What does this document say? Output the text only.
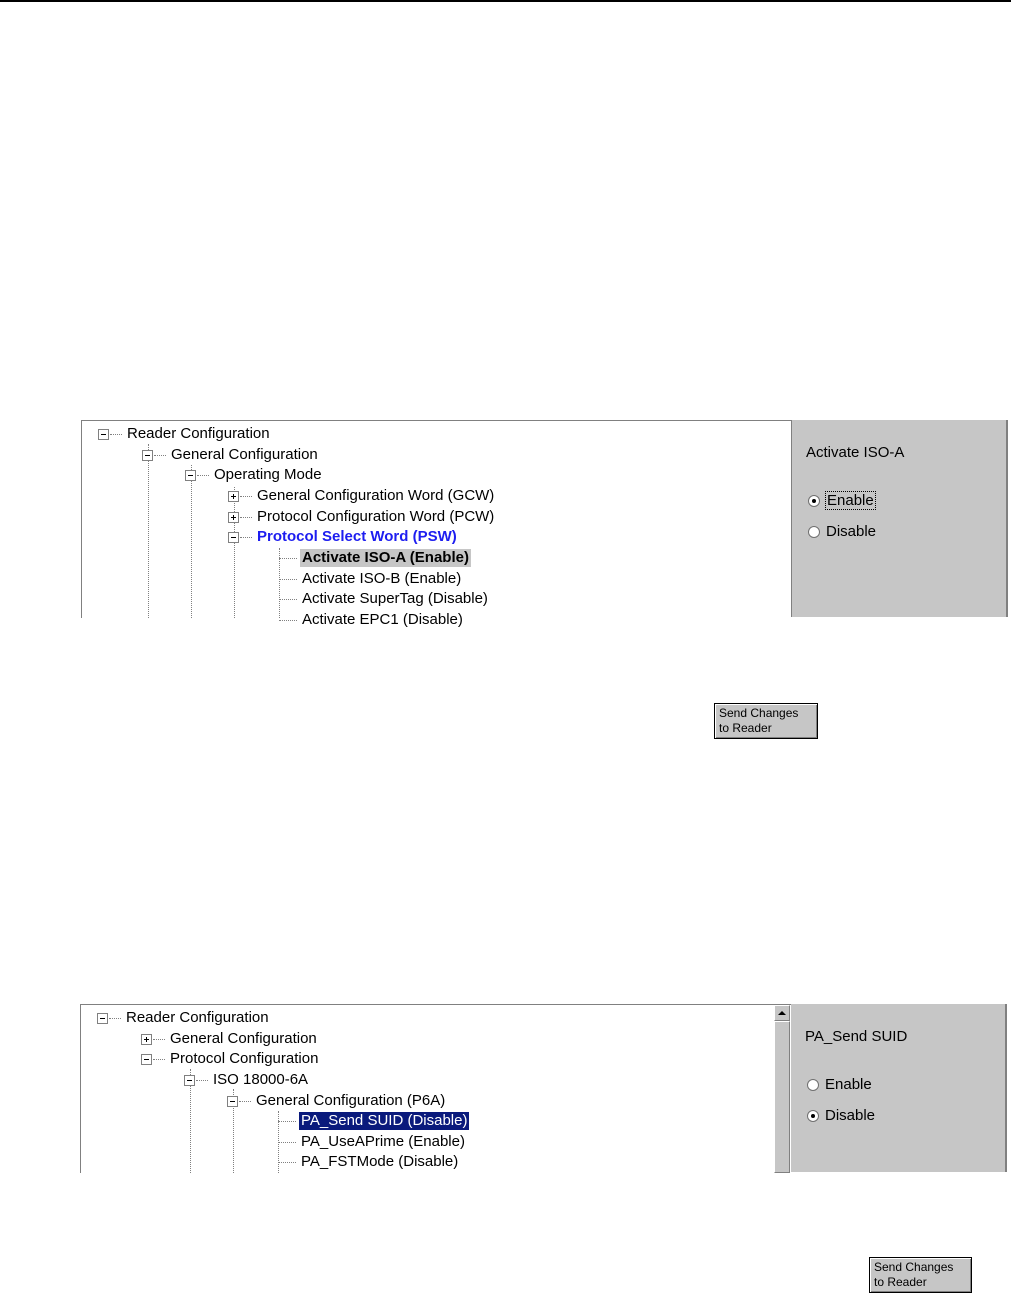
Reader Configuration
General Configuration
Operating Mode
General Configuration Word (GCW)
Protocol Configuration Word (PCW)
Protocol Select Word (PSW)
Activate ISO-A (Enable)
Activate ISO-B (Enable)
Activate SuperTag (Disable)
Activate EPC1 (Disable)
Activate ISO-A
Enable
Disable
Send Changes
to Reader
Reader Configuration
General Configuration
Protocol Configuration
ISO 18000-6A
General Configuration (P6A)
PA_Send SUID (Disable)
PA_UseAPrime (Enable)
PA_FSTMode (Disable)
PA_Send SUID
Enable
Disable
Send Changes
to Reader
